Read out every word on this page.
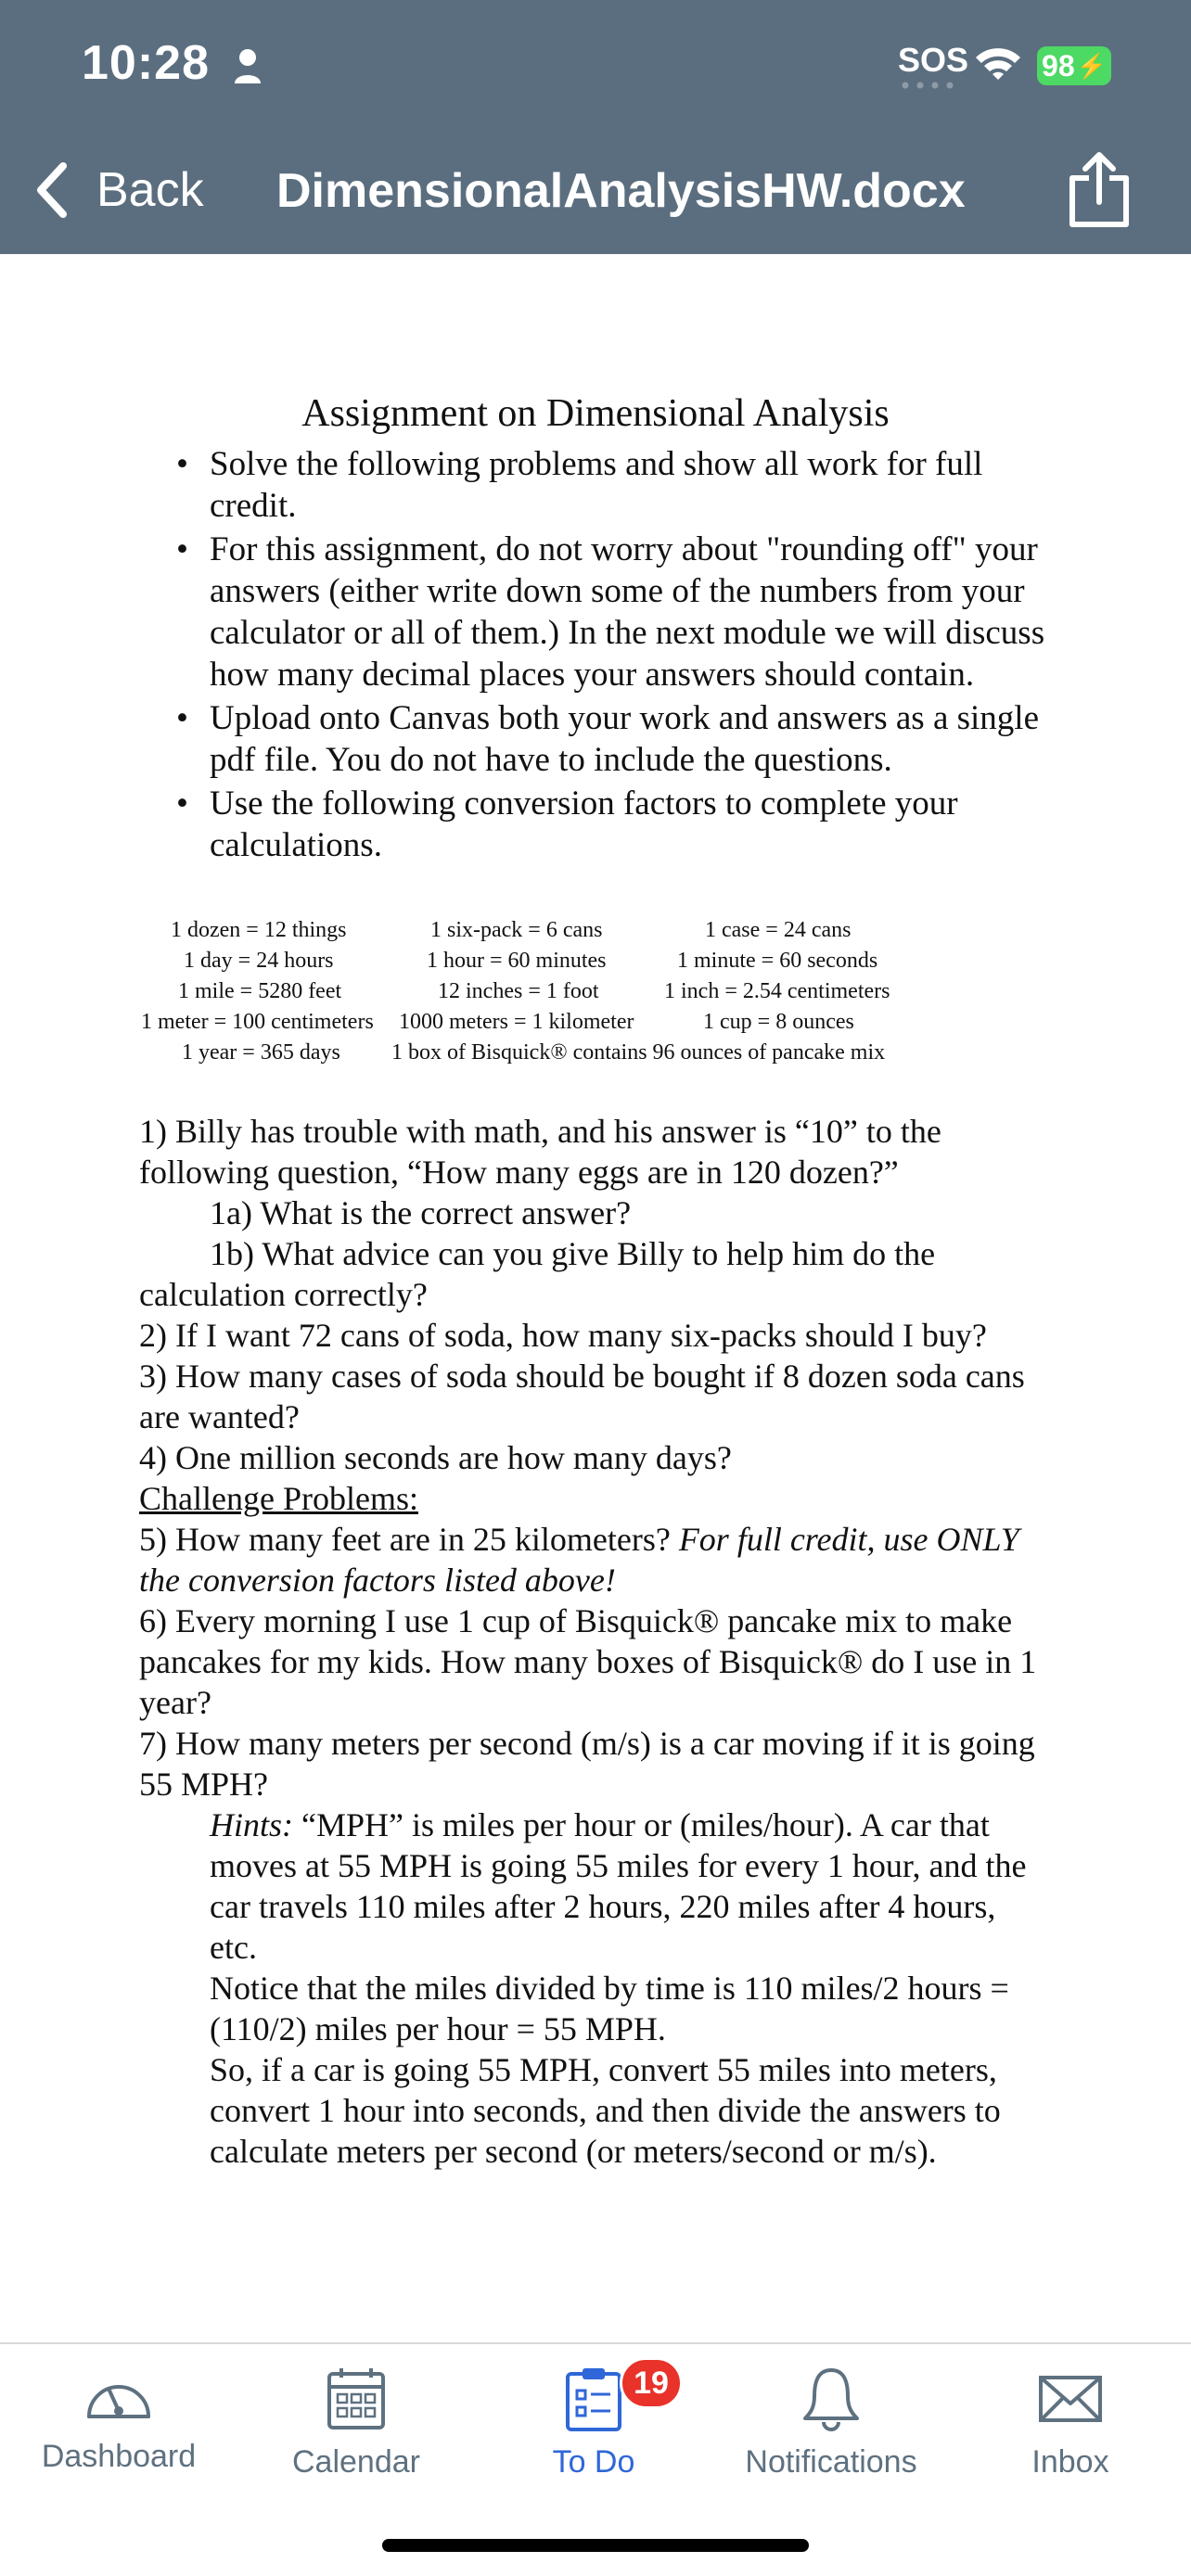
10:28	SOS 98 ⚡
Back DimensionalAnalysisHW.docx
Assignment on Dimensional Analysis
• Solve the following problems and show all work for full credit.
• For this assignment, do not worry about "rounding off" your answers (either write down some of the numbers from your calculator or all of them.) In the next module we will discuss how many decimal places your answers should contain.
• Upload onto Canvas both your work and answers as a single pdf file. You do not have to include the questions.
• Use the following conversion factors to complete your calculations.
1 dozen = 12 things	1 six-pack = 6 cans	1 case = 24 cans
1 day = 24 hours	1 hour = 60 minutes	1 minute = 60 seconds
1 mile = 5280 feet	12 inches = 1 foot	1 inch = 2.54 centimeters
1 meter = 100 centimeters 1000 meters = 1 kilometer	1 cup = 8 ounces
1 year = 365 days 1 box of Bisquick® contains 96 ounces of pancake mix

1) Billy has trouble with math, and his answer is “10” to the following question, “How many eggs are in 120 dozen?”

1a) What is the correct answer?

1b) What advice can you give Billy to help him do the

calculation correctly?

2) If I want 72 cans of soda, how many six-packs should I buy?

3) How many cases of soda should be bought if 8 dozen soda cans are wanted?

4) One million seconds are how many days?

Challenge Problems:

5) How many feet are in 25 kilometers? For full credit, use ONLY the conversion factors listed above!

6) Every morning I use 1 cup of Bisquick® pancake mix to make pancakes for my kids. How many boxes of Bisquick® do I use in 1 year?

7) How many meters per second (m/s) is a car moving if it is going 55 MPH?

Hints: “MPH” is miles per hour or (miles/hour). A car that moves at 55 MPH is going 55 miles for every 1 hour, and the car travels 110 miles after 2 hours, 220 miles after 4 hours, etc.

Notice that the miles divided by time is 110 miles/2 hours = (110/2) miles per hour = 55 MPH.

So, if a car is going 55 MPH, convert 55 miles into meters, convert 1 hour into seconds, and then divide the answers to calculate meters per second (or meters/second or m/s).

Dashboard	Calendar
19
To Do	Notifications	Inbox
